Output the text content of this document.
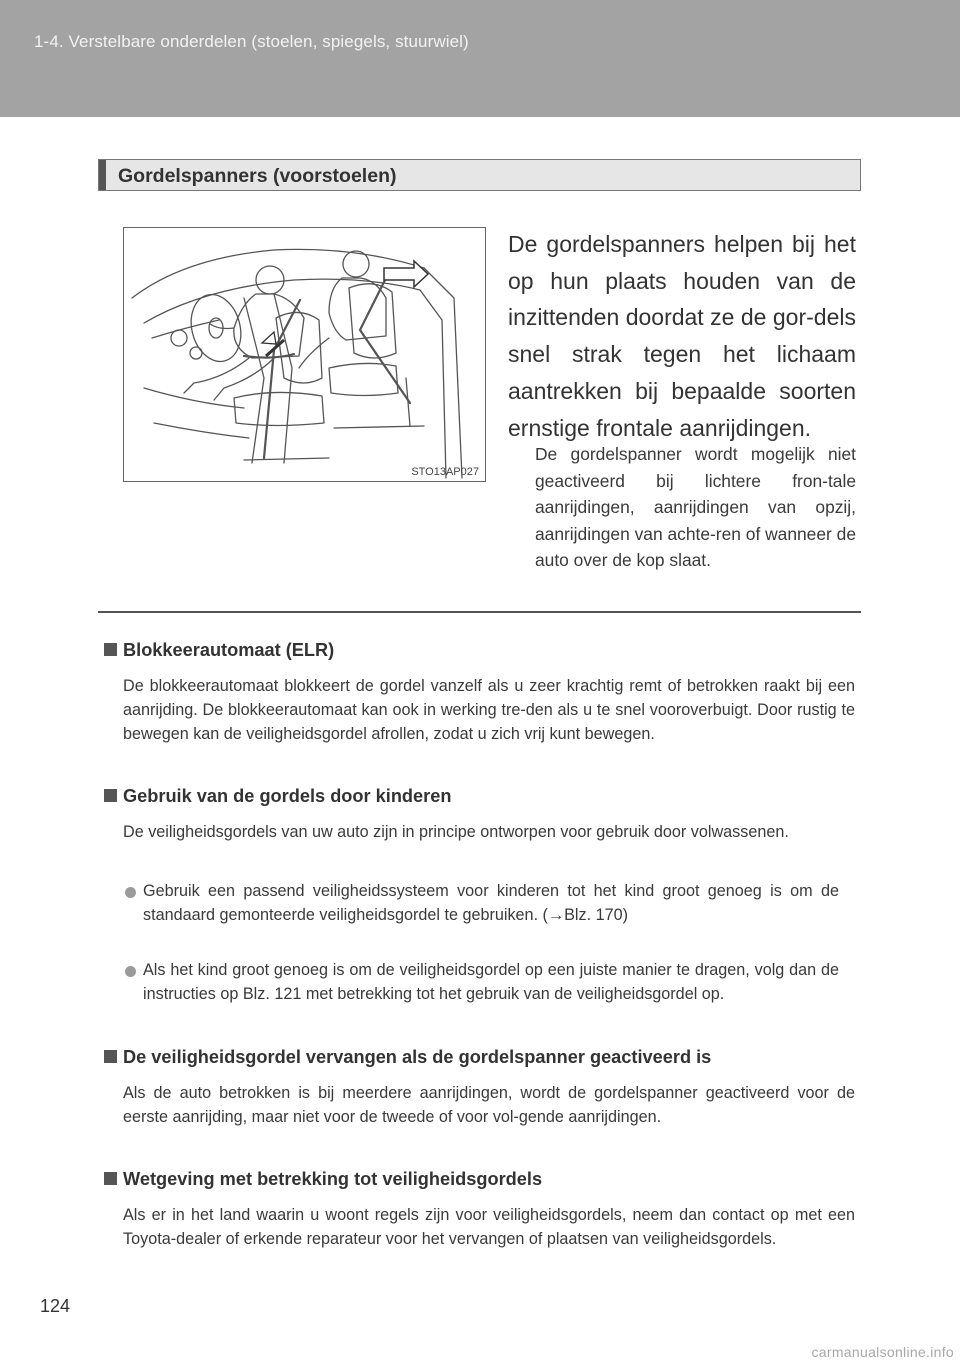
1-4. Verstelbare onderdelen (stoelen, spiegels, stuurwiel)
Gordelspanners (voorstoelen)
STO13AP027

De gordelspanners helpen bij het op hun plaats houden van de inzittenden doordat ze de gor-dels snel strak tegen het lichaam aantrekken bij bepaalde soorten ernstige frontale aanrijdingen.

De gordelspanner wordt mogelijk niet geactiveerd bij lichtere fron-tale aanrijdingen, aanrijdingen van opzij, aanrijdingen van achte-ren of wanneer de auto over de kop slaat.

Blokkeerautomaat (ELR)

De blokkeerautomaat blokkeert de gordel vanzelf als u zeer krachtig remt of betrokken raakt bij een aanrijding. De blokkeerautomaat kan ook in werking tre-den als u te snel vooroverbuigt. Door rustig te bewegen kan de veiligheidsgordel afrollen, zodat u zich vrij kunt bewegen.

Gebruik van de gordels door kinderen

De veiligheidsgordels van uw auto zijn in principe ontworpen voor gebruik door volwassenen.

Gebruik een passend veiligheidssysteem voor kinderen tot het kind groot genoeg is om de standaard gemonteerde veiligheidsgordel te gebruiken. (→Blz. 170)

Als het kind groot genoeg is om de veiligheidsgordel op een juiste manier te dragen, volg dan de instructies op Blz. 121 met betrekking tot het gebruik van de veiligheidsgordel op.

De veiligheidsgordel vervangen als de gordelspanner geactiveerd is

Als de auto betrokken is bij meerdere aanrijdingen, wordt de gordelspanner geactiveerd voor de eerste aanrijding, maar niet voor de tweede of voor vol-gende aanrijdingen.

Wetgeving met betrekking tot veiligheidsgordels

Als er in het land waarin u woont regels zijn voor veiligheidsgordels, neem dan contact op met een Toyota-dealer of erkende reparateur voor het vervangen of plaatsen van veiligheidsgordels.

124
carmanualsonline.info
